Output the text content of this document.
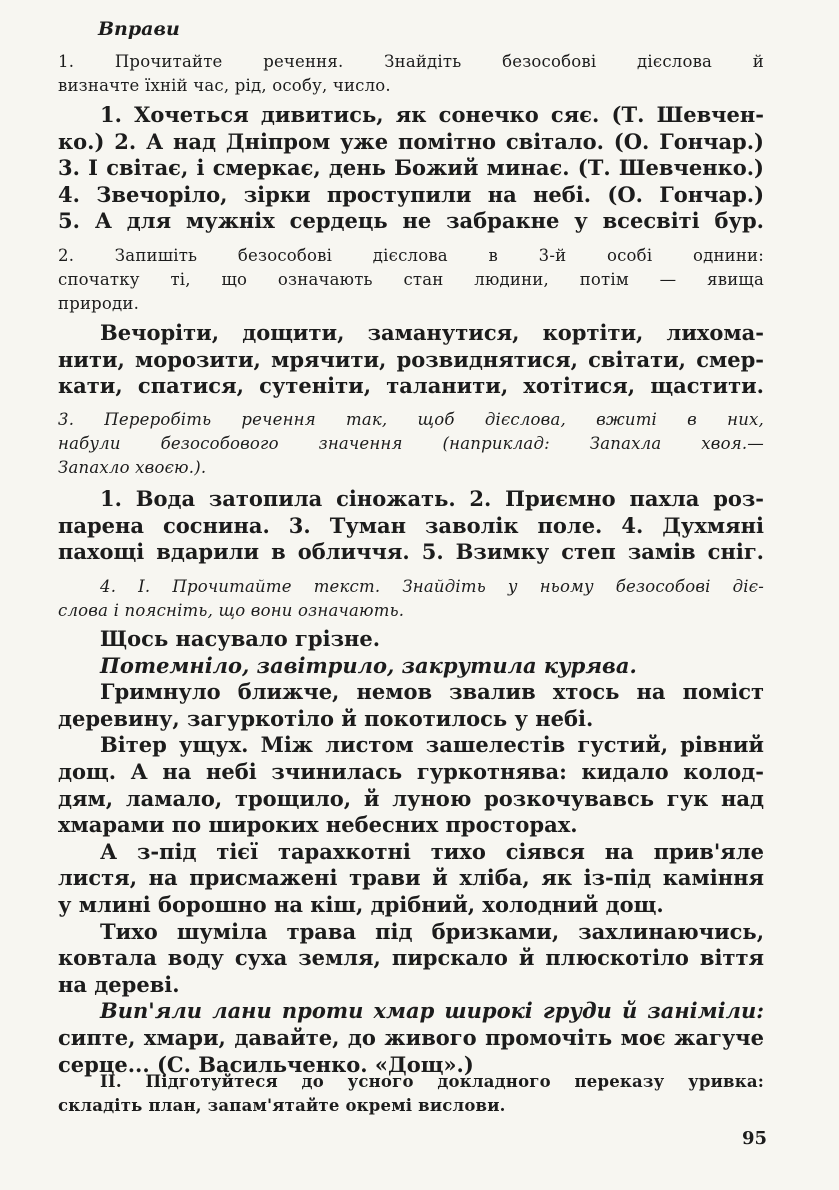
Вправи
1. Прочитайте речення. Знайдіть безособові дієслова й
визначте їхній час, рід, особу, число.
1. Хочеться дивитись, як сонечко сяє. (Т. Шевчен-
ко.) 2. А над Дніпром уже помітно світало. (О. Гончар.)
3. І світає, і смеркає, день Божий минає. (Т. Шевченко.)
4. Звечоріло, зірки проступили на небі. (О. Гончар.)
5. А для мужніх сердець не забракне у всесвіті бур.
2. Запишіть безособові дієслова в 3-й особі однини:
спочатку ті, що означають стан людини, потім — явища
природи.
Вечоріти, дощити, заманутися, кортіти, лихома-
нити, морозити, мрячити, розвиднятися, світати, смер-
кати, спатися, сутеніти, таланити, хотітися, щастити.
3. Переробіть речення так, щоб дієслова, вжиті в них,
набули безособового значення (наприклад: Запахла хвоя.—
Запахло хвоєю.).
1. Вода затопила сіножать. 2. Приємно пахла роз-
парена соснина. 3. Туман заволік поле. 4. Духмяні
пахощі вдарили в обличчя. 5. Взимку степ замів сніг.
4. І. Прочитайте текст. Знайдіть у ньому безособові діє-
слова і поясніть, що вони означають.
Щось насувало грізне.
Потемніло, завітрило, закрутила курява.
Гримнуло ближче, немов звалив хтось на поміст
деревину, загуркотіло й покотилось у небі.
Вітер ущух. Між листом зашелестів густий, рівний
дощ. А на небі зчинилась гуркотнява: кидало колод-
дям, ламало, трощило, й луною розкочувавсь гук над
хмарами по широких небесних просторах.
А з-під тієї тарахкотні тихо сіявся на прив'яле
листя, на присмажені трави й хліба, як із-під каміння
у млині борошно на кіш, дрібний, холодний дощ.
Тихо шуміла трава під бризками, захлинаючись,
ковтала воду суха земля, пирскало й плюскотіло віття
на дереві.
Вип'яли лани проти хмар широкі груди й заніміли:
сипте, хмари, давайте, до живого промочіть моє жагуче
серце... (С. Васильченко. «Дощ».)
ІІ. Підготуйтеся до усного докладного переказу уривка:
складіть план, запам'ятайте окремі вислови.
95
